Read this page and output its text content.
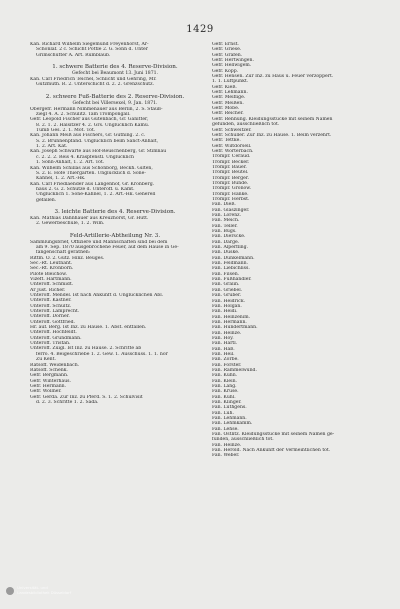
1429
Kan. Richard Wilhelm Siegemund Freyenhorst, Ar-
Schönlaf. 2 c. Schicht Pöttle 2. G. Sonn d. Unter
Grimschütter A. Art. Rumblaub.
1. schwere Batterie des 4. Reserve-Division.
Gefecht bei Beaumont 13. Juni 1871.
Kan. Carl Friedrich Teichel, Schlicht und Gehring, Mr.
Gutzmuth. R. 2. Unterschicht d. 2. 2. Grenzschutz.
2. schwere Fuß-Batterie des 2. Reserve-Division.
Gefecht bei Villersexel, 9. Jan. 1871.
Obergefr. Hermann Nimmenauer aus Berlin, 2. S. Stauß-
ziegl 4. A. 2. Schulitz. Tam Trompongall.
Gefr. Leopold Fischer aus Gutenbach, Gr. Ganitter,
8. 2. 1. 2. Halsitzer 4. 2. Grs. Unglücklich Kamu.
Tumb Ges. 2. 1. Mot. Tot.
Kan. Johann Meiß aus Fischers, Gr. Güthing. 2. c.
S. 2. Brunnenpfand. Unglücklich beim Sanct-Anhalt,
1. 2. Art. Kat.
Kan. Joseph Schwarte aus Hof-Reuschenberg, Gr. Stimnau
c. 2. 2. 2. Reis 4. Kraspfenstl. Unglücklich
1. Sonn-Anhalt, 1. 2. Art. Tot.
Kan. Wilhelm Schillas aus Schönborg, Beckh. Gilten,
S. 2. E. Hofe Thiergarten. Unglücklich d. Sone-
Kähnel, 1. 2. Art.-Hk.
Kan. Carl Friedlaender aus Langenhof, Gr. Kronberg.
haus 2. G. 2. Schütze d. Unteroff. u. Kamt.
Unglücklich 1. Sone-Kähnel, 1. 2. Art.-Hk. Generell
gefallen.
3. leichte Batterie des 4. Reserve-Division.
Kan. Mathias Dahnhauer aus Kreuzhorst, Gr. Hütt.
2. Gewerbeschule, 1. 2. Wim.
Feld-Artillerie-Abtheilung Nr. 3.
Sammlungsbrief, Offiziere und Mannschaften sind bei dem
am 9. Sep. 1870 ausgebrochene Feuer, auf dem Hause in Ge-
fangenschaft gerathen:
Rittm. O. 2. Gutz. Hinz. Beuges.
Sec.-Rt. Leutnant.
Sec.-Rt. Kronborn.
Pilote Bleichow.
Vizeft. Hartmann.
Unteroff. Schmidt.
Ar Just. Richer.
Unteroff. Mendel. Ist nach Ankunft d. Unglücklichen Abl.
Unteroff. Kästner.
Unteroff. Schultz.
Unteroff. Lamprecht.
Unteroff. Dörner.
Unteroff. Gottfried.
Hr. auf. Berg. Ist Inz. zu Hause. 1. Abst. entfallen.
Unteroff. Hochfeldt.
Unteroff. Grundmann.
Unteroff. Tristan.
Unteroff. Zuigl. Ist Inz. zu Hause. 2. Schritte ab
ferro. 4. Beigeschriebe 1. 2. Gew. 1. Ausschuss. 1. 1. nor
Zu Kent.
Ratsoff. Weidenbach.
Ratsoff. Schenk.
Gefr. Bergmann.
Gefr. Winterhaus.
Gefr. Hermann.
Gefr. Wollner.
Gefr. Gerda. Zur Inz. zu Pferd. S. 1. 2. Schulvisit
d. 2. 3. Schritte 1. 2. Sada.
Gefr. Ernst.
Gefr. Griese.
Gefr. Grafen.
Gefr. Hertwingen.
Gefr. Hellwigem.
Gefr. Kopp.
Gefr. Hensen. Zur Inz. zu Haus u. Feuer verzoppert.
1. 1. Luftpunkt.
Gefr. Kieß.
Gefr. Lehmann.
Gefr. Meiflige.
Gefr. Meißen.
Gefr. Möbe.
Gefr. Reicher.
Gefr. Rennung. Kleidungsstücke mit seinem Namen
gefunden, ausschließlich tot.
Gefr. Schweitzer.
Gefr. Schüller. Zur Inz. zu Hause. 1. Beim verzehrt.
Gefr. Tettke.
Gefr. Wiltdorsell.
Gefr. Wörterbach.
Trompr. Ceraud.
Trompr. Becker.
Trompr. Bauer.
Trompr. Beutel.
Trompr. Berger.
Trompr. Bunde.
Trompr. Gronow.
Trompr. Hanke.
Trompr. Herbst.
Fan. Dieß.
Fan. Glaszinger.
Fan. Lorenz.
Fan. Meich.
Fan. Teller.
Fan. Bugs.
Fan. Dierscke.
Fan. Darge.
Fan. Alperfling.
Fan. Duske.
Fan. Dunkelmann.
Fan. Feldmann.
Fan. Liebichliss.
Fan. Filsen.
Fan. Fußhändler.
Fan. Gralin.
Fan. Griebel.
Fan. Gruber.
Fan. Heidrick.
Fan. Holgan.
Fan. Heidi.
Fan. Heinzenim.
Fan. Hermann.
Fan. Hundertmann.
Fan. Heinze.
Fan. Hoy.
Fan. Hartl.
Fan. Haß.
Fan. Heil.
Fan. Zorbe.
Fan. Förster.
Fan. Rammelwund.
Fan. Kuhn.
Fan. Klein.
Fan. Lang.
Fan. Kruse.
Fan. Kühl.
Fan. Klinger.
Fan. Lüthgens.
Fan. Lüh.
Fan. Lehmann.
Fan. Lehmkamm.
Fan. Lehse.
Fan. Ostlitz. Kleidungsstücke mit seinem Namen ge-
funden, ausschließlich tot.
Fan. Heinze.
Fan. Herold. Nach Ankunft der Vermeintlichen tot.
Fan. Weber.

Universität- und
Landesbibliothek Düsseldorf
